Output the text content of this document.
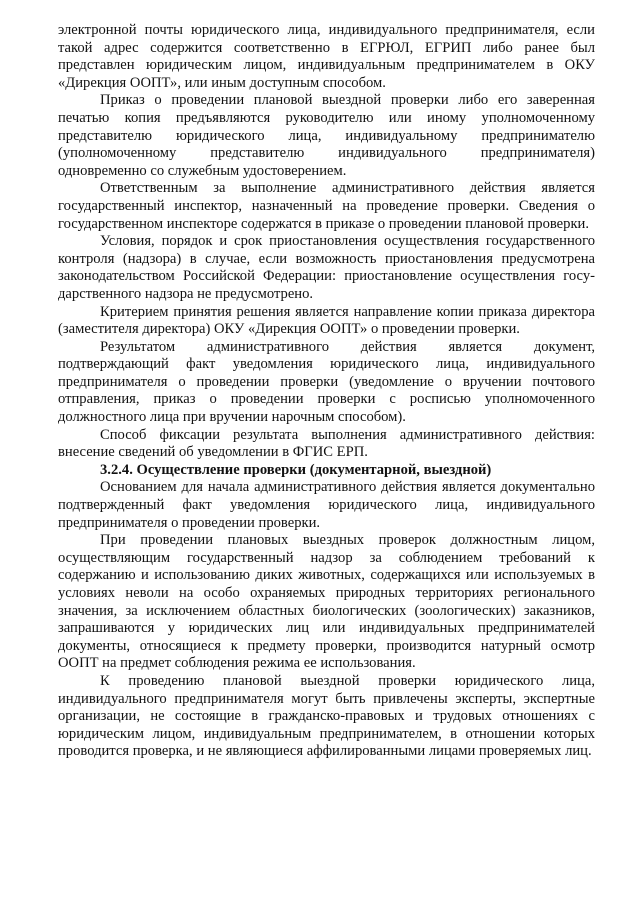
электронной почты юридического лица, индивидуального предпринимателя, если такой адрес содержится соответственно в ЕГРЮЛ, ЕГРИП либо ранее был представлен юридическим лицом, индивидуальным предпринимателем в ОКУ «Дирекция ООПТ», или иным доступным способом.

Приказ о проведении плановой выездной проверки либо его заверенная печатью копия предъявляются руководителю или иному уполномоченному представителю юридического лица, индивидуальному предпринимателю (уполномоченному представителю индивидуального предпринимателя) одновременно со служебным удостоверением.

Ответственным за выполнение административного действия является государственный инспектор, назначенный на проведение проверки. Сведения о государственном инспекторе содержатся в приказе о проведении плановой проверки.

Условия, порядок и срок приостановления осуществления государственного контроля (надзора) в случае, если возможность приостановления предусмотрена законодательством Российской Федерации: приостановление осуществления государственного надзора не предусмотрено.

Критерием принятия решения является направление копии приказа директора (заместителя директора) ОКУ «Дирекция ООПТ» о проведении проверки.

Результатом административного действия является документ, подтверждающий факт уведомления юридического лица, индивидуального предпринимателя о проведении проверки (уведомление о вручении почтового отправления, приказ о проведении проверки с росписью уполномоченного должностного лица при вручении нарочным способом).

Способ фиксации результата выполнения административного действия: внесение сведений об уведомлении в ФГИС ЕРП.

3.2.4. Осуществление проверки (документарной, выездной)

Основанием для начала административного действия является документально подтвержденный факт уведомления юридического лица, индивидуального предпринимателя о проведении проверки.

При проведении плановых выездных проверок должностным лицом, осуществляющим государственный надзор за соблюдением требований к содержанию и использованию диких животных, содержащихся или используемых в условиях неволи на особо охраняемых природных территориях регионального значения, за исключением областных биологических (зоологических) заказников, запрашиваются у юридических лиц или индивидуальных предпринимателей документы, относящиеся к предмету проверки, производится натурный осмотр ООПТ на предмет соблюдения режима ее использования.

К проведению плановой выездной проверки юридического лица, индивидуального предпринимателя могут быть привлечены эксперты, экспертные организации, не состоящие в гражданско-правовых и трудовых отношениях с юридическим лицом, индивидуальным предпринимателем, в отношении которых проводится проверка, и не являющиеся аффилированными лицами проверяемых лиц.
